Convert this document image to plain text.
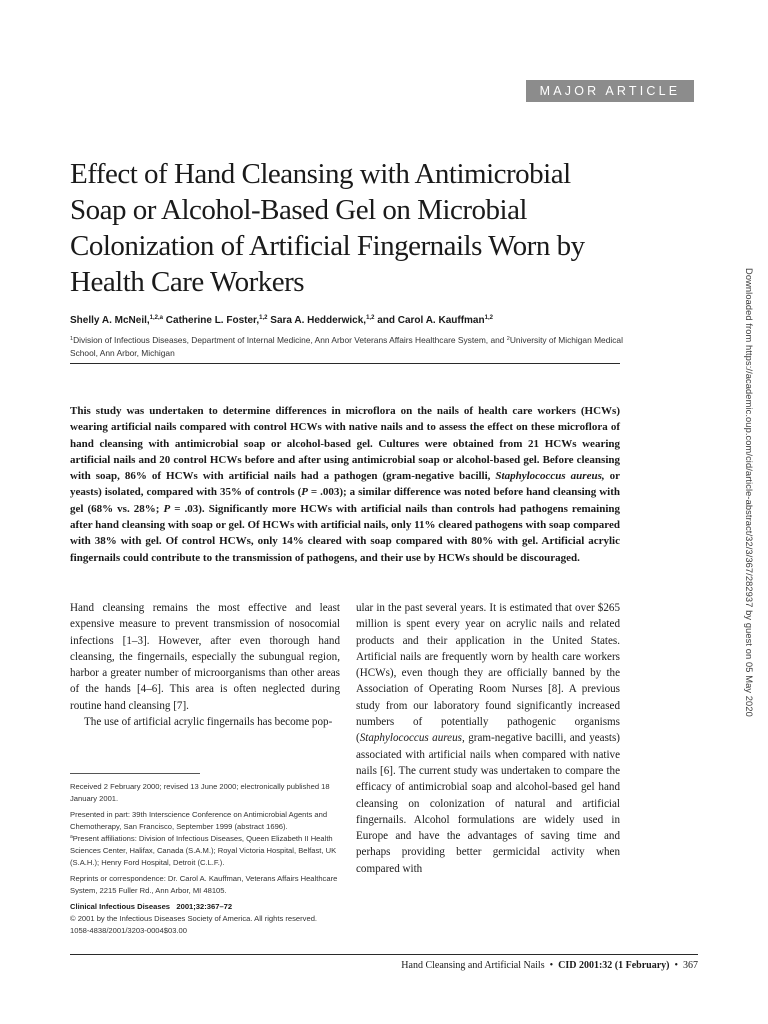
MAJOR ARTICLE
Effect of Hand Cleansing with Antimicrobial Soap or Alcohol-Based Gel on Microbial Colonization of Artificial Fingernails Worn by Health Care Workers
Shelly A. McNeil,$^{1,2,a}$ Catherine L. Foster,$^{1,2}$ Sara A. Hedderwick,$^{1,2}$ and Carol A. Kauffman$^{1,2}$
$^1$Division of Infectious Diseases, Department of Internal Medicine, Ann Arbor Veterans Affairs Healthcare System, and $^2$University of Michigan Medical School, Ann Arbor, Michigan
This study was undertaken to determine differences in microflora on the nails of health care workers (HCWs) wearing artificial nails compared with control HCWs with native nails and to assess the effect on these microflora of hand cleansing with antimicrobial soap or alcohol-based gel. Cultures were obtained from 21 HCWs wearing artificial nails and 20 control HCWs before and after using antimicrobial soap or alcohol-based gel. Before cleansing with soap, 86% of HCWs with artificial nails had a pathogen (gram-negative bacilli, Staphylococcus aureus, or yeasts) isolated, compared with 35% of controls (P = .003); a similar difference was noted before hand cleansing with gel (68% vs. 28%; P = .03). Significantly more HCWs with artificial nails than controls had pathogens remaining after hand cleansing with soap or gel. Of HCWs with artificial nails, only 11% cleared pathogens with soap compared with 38% with gel. Of control HCWs, only 14% cleared with soap compared with 80% with gel. Artificial acrylic fingernails could contribute to the transmission of pathogens, and their use by HCWs should be discouraged.

Hand cleansing remains the most effective and least expensive measure to prevent transmission of nosocomial infections [1–3]. However, after even thorough hand cleansing, the fingernails, especially the subungual region, harbor a greater number of microorganisms than other areas of the hands [4–6]. This area is often neglected during routine hand cleansing [7].

The use of artificial acrylic fingernails has become pop-

ular in the past several years. It is estimated that over $265 million is spent every year on acrylic nails and related products and their application in the United States. Artificial nails are frequently worn by health care workers (HCWs), even though they are officially banned by the Association of Operating Room Nurses [8]. A previous study from our laboratory found significantly increased numbers of potentially pathogenic organisms (Staphylococcus aureus, gram-negative bacilli, and yeasts) associated with artificial nails when compared with native nails [6]. The current study was undertaken to compare the efficacy of antimicrobial soap and alcohol-based gel hand cleansing on colonization of natural and artificial fingernails. Alcohol formulations are widely used in Europe and have the advantages of saving time and perhaps providing better germicidal activity when compared with

Received 2 February 2000; revised 13 June 2000; electronically published 18 January 2001.

Presented in part: 39th Interscience Conference on Antimicrobial Agents and Chemotherapy, San Francisco, September 1999 (abstract 1696).

$^a$Present affiliations: Division of Infectious Diseases, Queen Elizabeth II Health Sciences Center, Halifax, Canada (S.A.M.); Royal Victoria Hospital, Belfast, UK (S.A.H.); Henry Ford Hospital, Detroit (C.L.F.).

Reprints or correspondence: Dr. Carol A. Kauffman, Veterans Affairs Healthcare System, 2215 Fuller Rd., Ann Arbor, MI 48105.

Clinical Infectious Diseases 2001;32:367–72

© 2001 by the Infectious Diseases Society of America. All rights reserved.

1058-4838/2001/3203-0004$03.00

Hand Cleansing and Artificial Nails • CID 2001:32 (1 February) • 367
Downloaded from https://academic.oup.com/cid/article-abstract/32/3/367/282937 by guest on 05 May 2020
